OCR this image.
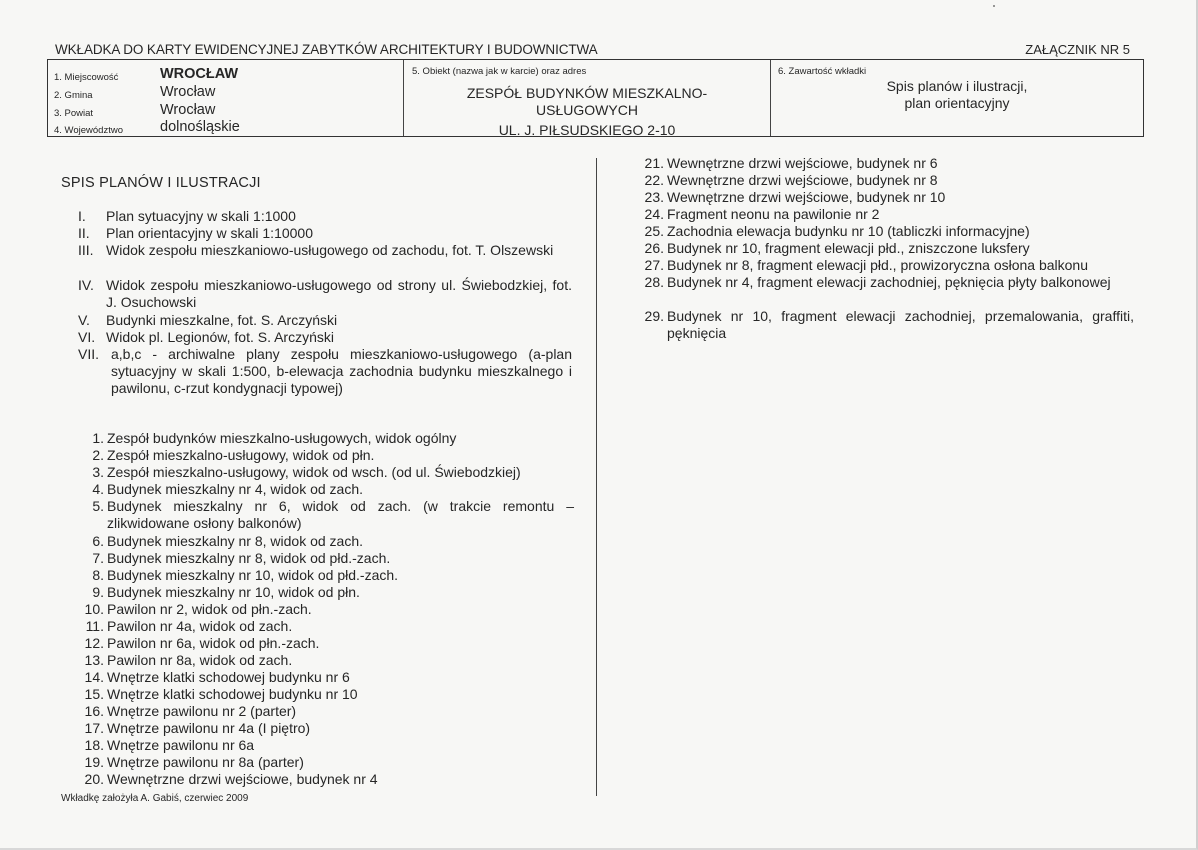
WKŁADKA DO KARTY EWIDENCYJNEJ ZABYTKÓW ARCHITEKTURY I BUDOWNICTWA	ZAŁĄCZNIK NR 5
1. Miejscowość
2. Gmina
3. Powiat
4. Województwo
WROCŁAW
Wrocław
Wrocław
dolnośląskie
5. Obiekt (nazwa jak w karcie) oraz adres
ZESPÓŁ BUDYNKÓW MIESZKALNO-
USŁUGOWYCH
UL. J. PIŁSUDSKIEGO 2-10
6. Zawartość wkładki
Spis planów i ilustracji,
plan orientacyjny
SPIS PLANÓW I ILUSTRACJI
I. Plan sytuacyjny w skali 1:1000
II. Plan orientacyjny w skali 1:10000
III. Widok zespołu mieszkaniowo-usługowego od zachodu, fot. T. Olszewski
IV. Widok zespołu mieszkaniowo-usługowego od strony ul. Świebodzkiej, fot. J. Osuchowski
V. Budynki mieszkalne, fot. S. Arczyński
VI. Widok pl. Legionów, fot. S. Arczyński
VII. a,b,c - archiwalne plany zespołu mieszkaniowo-usługowego (a-plan sytuacyjny w skali 1:500, b-elewacja zachodnia budynku mieszkalnego i pawilonu, c-rzut kondygnacji typowej)
1. Zespół budynków mieszkalno-usługowych, widok ogólny
2. Zespół mieszkalno-usługowy, widok od płn.
3. Zespół mieszkalno-usługowy, widok od wsch. (od ul. Świebodzkiej)
4. Budynek mieszkalny nr 4, widok od zach.
5. Budynek mieszkalny nr 6, widok od zach. (w trakcie remontu – zlikwidowane osłony balkonów)
6. Budynek mieszkalny nr 8, widok od zach.
7. Budynek mieszkalny nr 8, widok od płd.-zach.
8. Budynek mieszkalny nr 10, widok od płd.-zach.
9. Budynek mieszkalny nr 10, widok od płn.
10. Pawilon nr 2, widok od płn.-zach.
11. Pawilon nr 4a, widok od zach.
12. Pawilon nr 6a, widok od płn.-zach.
13. Pawilon nr 8a, widok od zach.
14. Wnętrze klatki schodowej budynku nr 6
15. Wnętrze klatki schodowej budynku nr 10
16. Wnętrze pawilonu nr 2 (parter)
17. Wnętrze pawilonu nr 4a (I piętro)
18. Wnętrze pawilonu nr 6a
19. Wnętrze pawilonu nr 8a (parter)
20. Wewnętrzne drzwi wejściowe, budynek nr 4
21. Wewnętrzne drzwi wejściowe, budynek nr 6
22. Wewnętrzne drzwi wejściowe, budynek nr 8
23. Wewnętrzne drzwi wejściowe, budynek nr 10
24. Fragment neonu na pawilonie nr 2
25. Zachodnia elewacja budynku nr 10 (tabliczki informacyjne)
26. Budynek nr 10, fragment elewacji płd., zniszczone luksfery
27. Budynek nr 8, fragment elewacji płd., prowizoryczna osłona balkonu
28. Budynek nr 4, fragment elewacji zachodniej, pęknięcia płyty balkonowej
29. Budynek nr 10, fragment elewacji zachodniej, przemalowania, graffiti, pęknięcia
Wkładkę założyła A. Gabiś, czerwiec 2009
